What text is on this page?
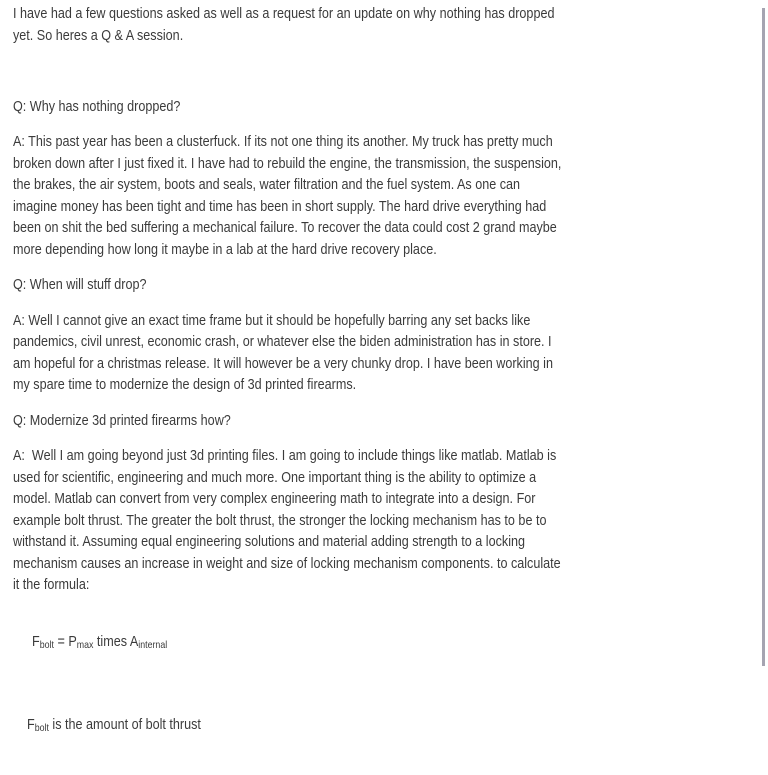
I have had a few questions asked as well as a request for an update on why nothing has dropped
yet. So heres a Q & A session.
Q: Why has nothing dropped?
A: This past year has been a clusterfuck. If its not one thing its another. My truck has pretty much
broken down after I just fixed it. I have had to rebuild the engine, the transmission, the suspension,
the brakes, the air system, boots and seals, water filtration and the fuel system. As one can
imagine money has been tight and time has been in short supply. The hard drive everything had
been on shit the bed suffering a mechanical failure. To recover the data could cost 2 grand maybe
more depending how long it maybe in a lab at the hard drive recovery place.
Q: When will stuff drop?
A: Well I cannot give an exact time frame but it should be hopefully barring any set backs like
pandemics, civil unrest, economic crash, or whatever else the biden administration has in store. I
am hopeful for a christmas release. It will however be a very chunky drop. I have been working in
my spare time to modernize the design of 3d printed firearms.
Q: Modernize 3d printed firearms how?
A:  Well I am going beyond just 3d printing files. I am going to include things like matlab. Matlab is
used for scientific, engineering and much more. One important thing is the ability to optimize a
model. Matlab can convert from very complex engineering math to integrate into a design. For
example bolt thrust. The greater the bolt thrust, the stronger the locking mechanism has to be to
withstand it. Assuming equal engineering solutions and material adding strength to a locking
mechanism causes an increase in weight and size of locking mechanism components. to calculate
it the formula:

Fbolt = Pmax times Ainternal

Fbolt is the amount of bolt thrust
